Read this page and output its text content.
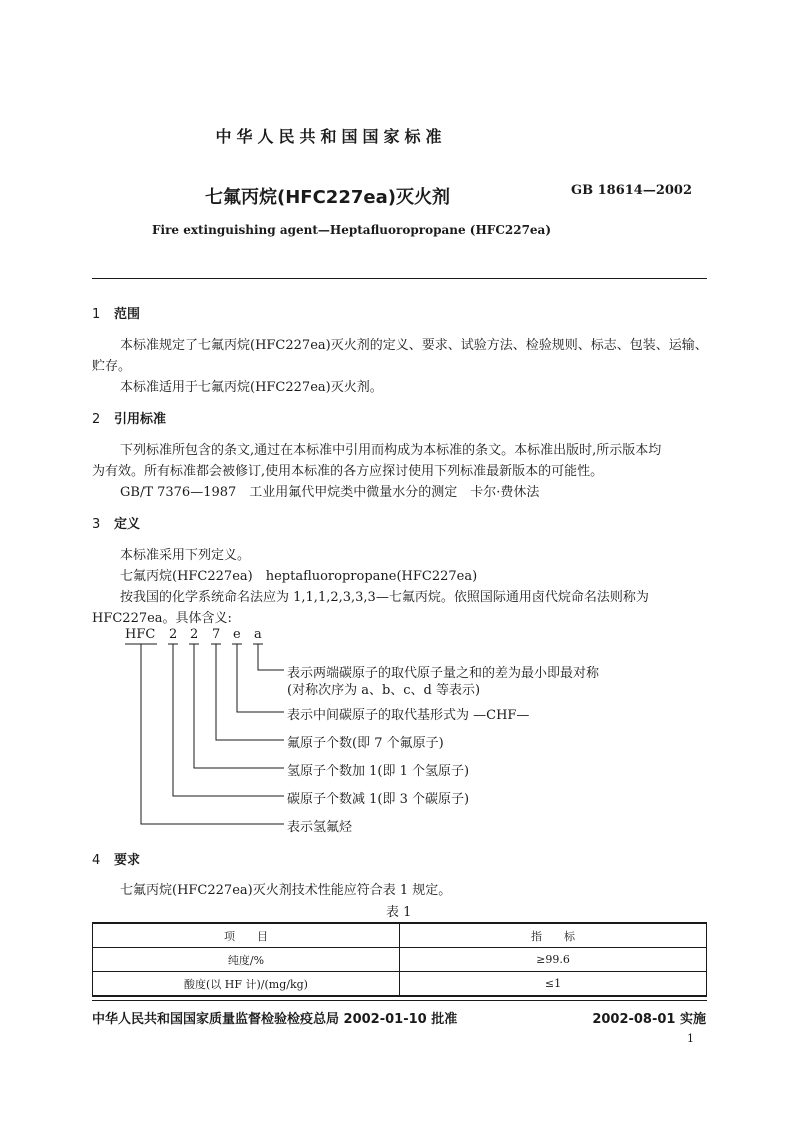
中华人民共和国国家标准
七氟丙烷(HFC227ea)灭火剂	GB 18614—2002
Fire extinguishing agent—Heptafluoropropane (HFC227ea)
1 范围
本标准规定了七氟丙烷(HFC227ea)灭火剂的定义、要求、试验方法、检验规则、标志、包装、运输、
贮存。
本标准适用于七氟丙烷(HFC227ea)灭火剂。
2 引用标准
下列标准所包含的条文,通过在本标准中引用而构成为本标准的条文。本标准出版时,所示版本均
为有效。所有标准都会被修订,使用本标准的各方应探讨使用下列标准最新版本的可能性。
GB/T 7376—1987　工业用氟代甲烷类中微量水分的测定　卡尔·费休法
3 定义
本标准采用下列定义。
七氟丙烷(HFC227ea)　heptafluoropropane(HFC227ea)
按我国的化学系统命名法应为 1,1,1,2,3,3,3—七氟丙烷。依照国际通用卤代烷命名法则称为
HFC227ea。具体含义:
HFC 2 2 7 e a
表示两端碳原子的取代原子量之和的差为最小即最对称
(对称次序为 a、b、c、d 等表示)
表示中间碳原子的取代基形式为 —CHF—
氟原子个数(即 7 个氟原子)
氢原子个数加 1(即 1 个氢原子)
碳原子个数减 1(即 3 个碳原子)
表示氢氟烃
4 要求
七氟丙烷(HFC227ea)灭火剂技术性能应符合表 1 规定。
表 1
项　　目	指　　标
纯度/%	≥99.6
酸度(以 HF 计)/(mg/kg)	≤1
中华人民共和国国家质量监督检验检疫总局 2002-01-10 批准	2002-08-01 实施
1
